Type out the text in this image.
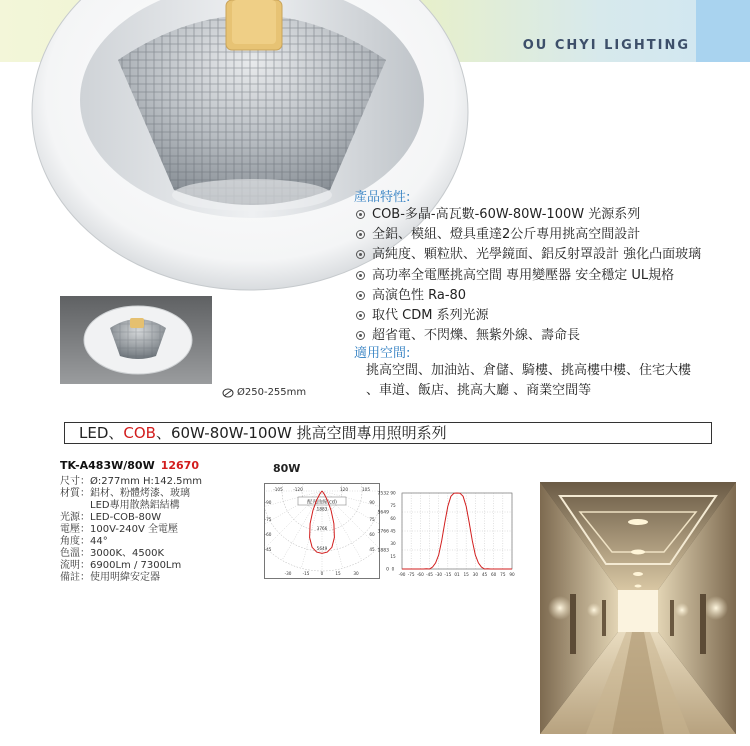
OU CHYI LIGHTING
Ø250-255mm
產品特性:
COB-多晶-高瓦數-60W-80W-100W 光源系列
全鋁、模組、燈具重達2公斤專用挑高空間設計
高純度、顆粒狀、光學鏡面、鋁反射罩設計 強化凸面玻璃
高功率全電壓挑高空間 專用變壓器 安全穩定 UL規格
高演色性 Ra-80
取代 CDM 系列光源
超省電、不閃爍、無紫外線、壽命長
適用空間:
挑高空間、加油站、倉儲、騎樓、挑高樓中樓、住宅大樓
、車道、飯店、挑高大廳 、商業空間等
LED、COB、60W-80W-100W 挑高空間專用照明系列
TK-A483W/80W 12670
尺寸：Ø:277mm H:142.5mm
材質：鋁材、粉體烤漆、玻璃
LED專用散熱鋁結構
光源：LED-COB-80W
電壓：100V-240V 全電壓
角度：44°
色溫：3000K、4500K
流明：6900Lm / 7300Lm
備註：使用明緯安定器
80W
-105 -120	120	105
-90	90
-75	75
-60	60
-45	45
-30	-15	0	15	30
1883
3766
5649
配光曲線(cd)
0
1883
3766
5649
7532
0
15
30
45
60
75
90
-90 -75 -60 -45 -30 -15 01 15 30 45 60 75 90
